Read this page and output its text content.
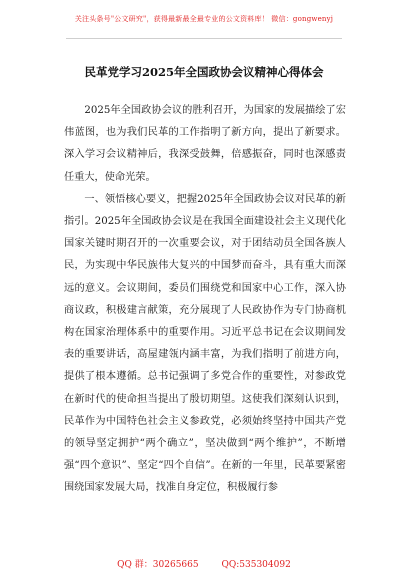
关注头条号"公文研究"，获得最新最全最专业的公文资料库！ 微信：gongwenyj
民革党学习2025年全国政协会议精神心得体会

2025年全国政协会议的胜利召开，为国家的发展描绘了宏伟蓝图，也为我们民革的工作指明了新方向，提出了新要求。深入学习会议精神后，我深受鼓舞，倍感振奋，同时也深感责任重大，使命光荣。

一、领悟核心要义，把握2025年全国政协会议对民革的新指引。2025年全国政协会议是在我国全面建设社会主义现代化国家关键时期召开的一次重要会议，对于团结动员全国各族人民，为实现中华民族伟大复兴的中国梦而奋斗，具有重大而深远的意义。会议期间，委员们围绕党和国家中心工作，深入协商议政，积极建言献策，充分展现了人民政协作为专门协商机构在国家治理体系中的重要作用。习近平总书记在会议期间发表的重要讲话，高屋建瓴内涵丰富，为我们指明了前进方向，提供了根本遵循。总书记强调了多党合作的重要性，对参政党在新时代的使命担当提出了殷切期望。这使我们深刻认识到，民革作为中国特色社会主义参政党，必须始终坚持中国共产党的领导坚定拥护“两个确立”，坚决做到“两个维护”，不断增强“四个意识”、坚定“四个自信”。在新的一年里，民革要紧密围绕国家发展大局，找准自身定位，积极履行参

QQ 群：30265665	QQ:535304092
